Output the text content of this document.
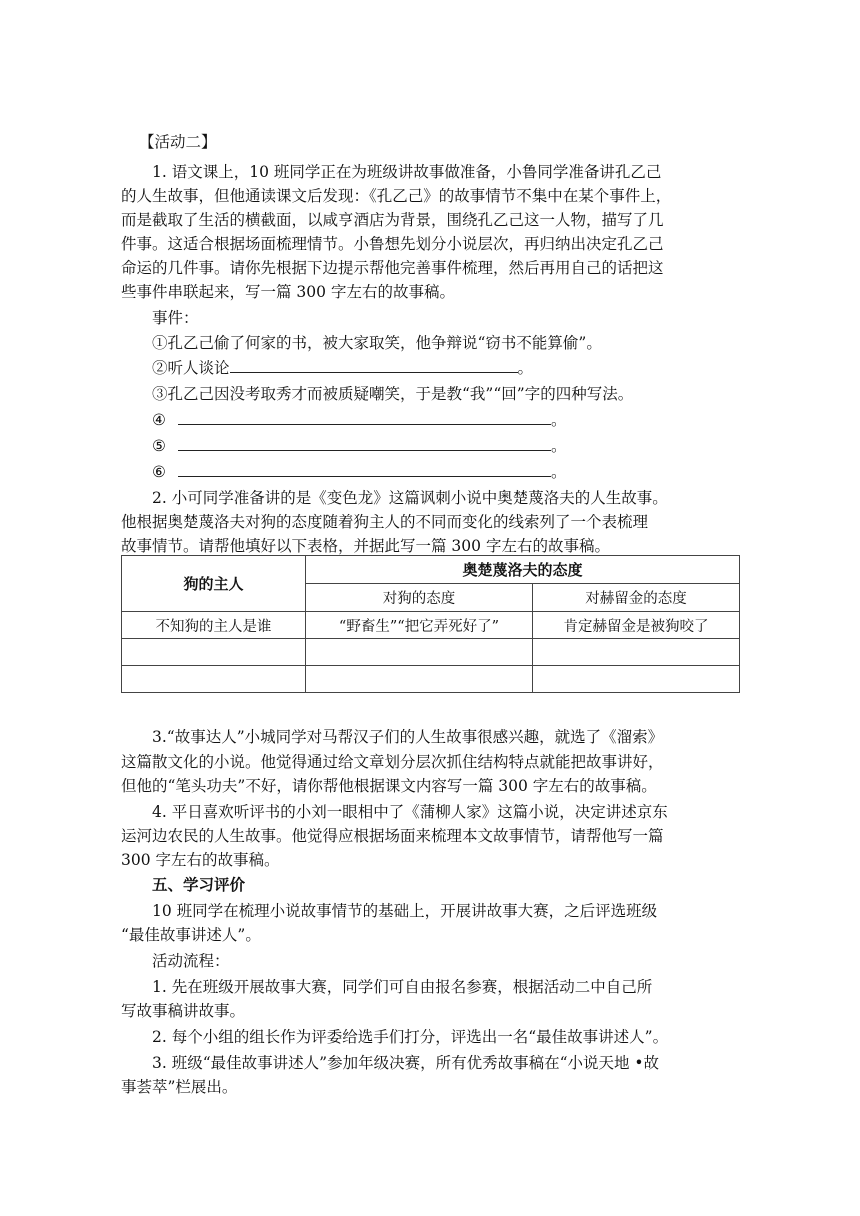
【活动二】
1. 语文课上，10 班同学正在为班级讲故事做准备，小鲁同学准备讲孔乙己
的人生故事，但他通读课文后发现：《孔乙己》的故事情节不集中在某个事件上，
而是截取了生活的横截面，以咸亨酒店为背景，围绕孔乙己这一人物，描写了几
件事。这适合根据场面梳理情节。小鲁想先划分小说层次，再归纳出决定孔乙己
命运的几件事。请你先根据下边提示帮他完善事件梳理，然后再用自己的话把这
些事件串联起来，写一篇 300 字左右的故事稿。
事件：
①孔乙己偷了何家的书，被大家取笑，他争辩说“窃书不能算偷”。
②听人谈论	。
③孔乙己因没考取秀才而被质疑嘲笑，于是教“我”“回”字的四种写法。
④	。
⑤	。
⑥	。
2. 小可同学准备讲的是《变色龙》这篇讽刺小说中奥楚蔑洛夫的人生故事。
他根据奥楚蔑洛夫对狗的态度随着狗主人的不同而变化的线索列了一个表梳理
故事情节。请帮他填好以下表格，并据此写一篇 300 字左右的故事稿。
狗的主人	奥楚蔑洛夫的态度	
	对狗的态度	对赫留金的态度
不知狗的主人是谁	“野畜生”“把它弄死好了”	肯定赫留金是被狗咬了

3.“故事达人”小城同学对马帮汉子们的人生故事很感兴趣，就选了《溜索》
这篇散文化的小说。他觉得通过给文章划分层次抓住结构特点就能把故事讲好，
但他的“笔头功夫”不好，请你帮他根据课文内容写一篇 300 字左右的故事稿。
4. 平日喜欢听评书的小刘一眼相中了《蒲柳人家》这篇小说，决定讲述京东
运河边农民的人生故事。他觉得应根据场面来梳理本文故事情节，请帮他写一篇
300 字左右的故事稿。
五、学习评价
10 班同学在梳理小说故事情节的基础上，开展讲故事大赛，之后评选班级
“最佳故事讲述人”。
活动流程：
1. 先在班级开展故事大赛，同学们可自由报名参赛，根据活动二中自己所
写故事稿讲故事。
2. 每个小组的组长作为评委给选手们打分，评选出一名“最佳故事讲述人”。
3. 班级“最佳故事讲述人”参加年级决赛，所有优秀故事稿在“小说天地 •故
事荟萃”栏展出。
